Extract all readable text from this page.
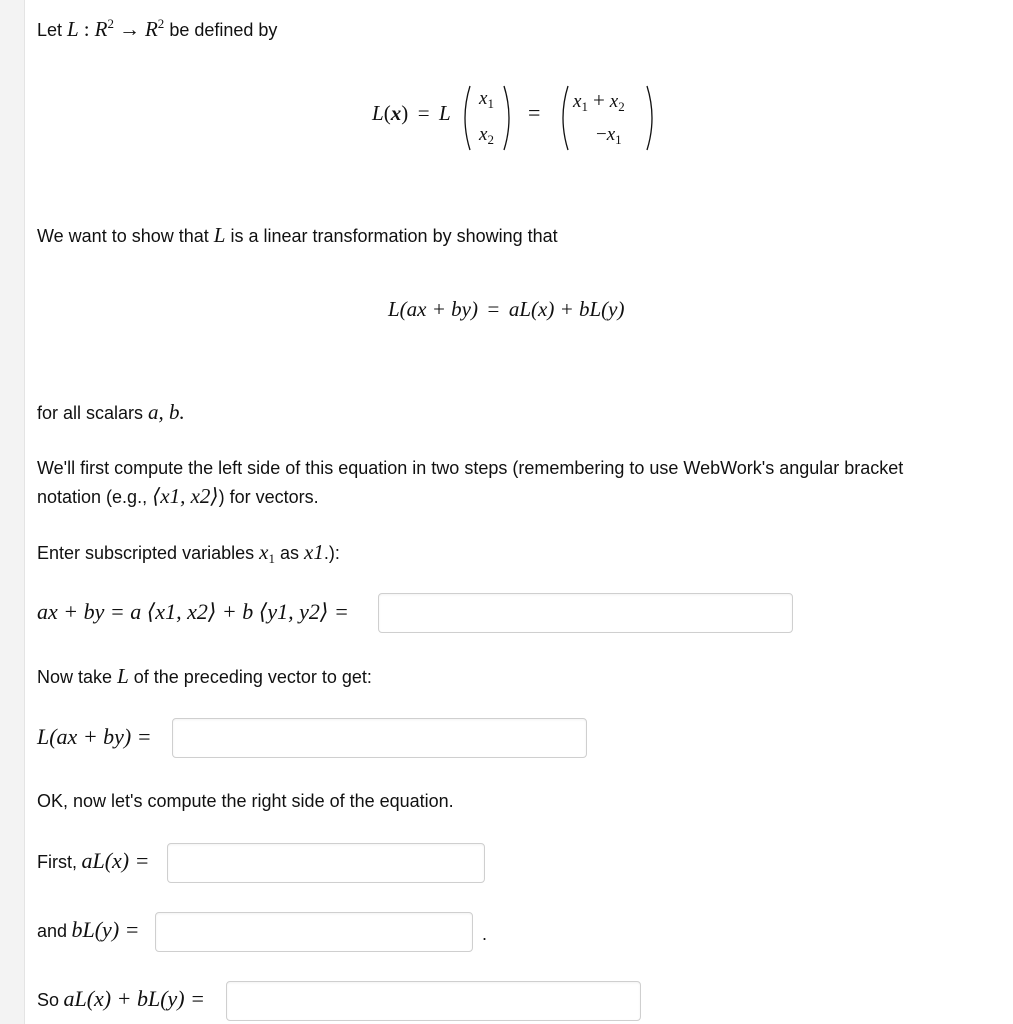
Let L : $R^2 \to R^2$ be defined by
L(x) = L
$x_1$
$x_2$
= $x_1 + x_2$
$-x_1$
We want to show that L is a linear transformation by showing that
L(ax + by) = aL(x) + bL(y)
for all scalars a, b.
We'll first compute the left side of this equation in two steps (remembering to use WebWork's angular bracket
notation (e.g., ⟨x1, x2⟩) for vectors.
Enter subscripted variables $x_1$ as x1.):
ax + by = a ⟨x1, x2⟩ + b ⟨y1, y2⟩ =
Now take L of the preceding vector to get:
L(ax + by) =
OK, now let's compute the right side of the equation.
First, aL(x) =
and bL(y) =	.
So aL(x) + bL(y) =
